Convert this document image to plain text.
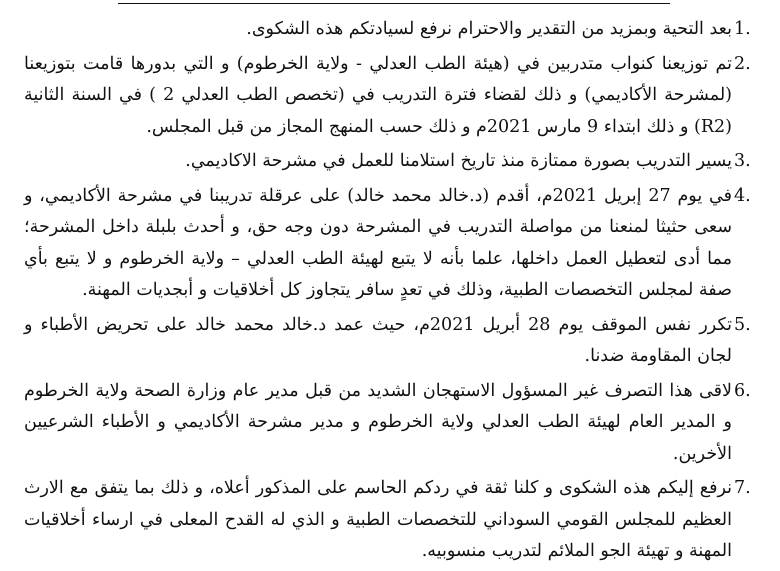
1.
بعد التحية وبمزيد من التقدير والاحترام نرفع لسيادتكم هذه الشكوى.
2.
تم توزيعنا كنواب متدربين في (هيئة الطب العدلي - ولاية الخرطوم) و التي بدورها قامت بتوزيعنا (لمشرحة الأكاديمي) و ذلك لقضاء فترة التدريب في (تخصص الطب العدلي 2 ) في السنة الثانية (R2) و ذلك ابتداء 9 مارس 2021م و ذلك حسب المنهج المجاز من قبل المجلس.
3.
يسير التدريب بصورة ممتازة منذ تاريخ استلامنا للعمل في مشرحة الاكاديمي.
4.
في يوم 27 إبريل 2021م، أقدم (د.خالد محمد خالد) على عرقلة تدريبنا في مشرحة الأكاديمي، و سعى حثيثا لمنعنا من مواصلة التدريب في المشرحة دون وجه حق، و أحدث بلبلة داخل المشرحة؛ مما أدى لتعطيل العمل داخلها، علما بأنه لا يتبع لهيئة الطب العدلي – ولاية الخرطوم و لا يتبع بأي صفة لمجلس التخصصات الطبية، وذلك في تعدٍ سافر يتجاوز كل أخلاقيات و أبجديات المهنة.
5.
تكرر نفس الموقف يوم 28 أبريل 2021م، حيث عمد د.خالد محمد خالد على تحريض الأطباء و لجان المقاومة ضدنا.
6.
لاقى هذا التصرف غير المسؤول الاستهجان الشديد من قبل مدير عام وزارة الصحة ولاية الخرطوم و المدير العام لهيئة الطب العدلي ولاية الخرطوم و مدير مشرحة الأكاديمي و الأطباء الشرعيين الأخرين.
7.
نرفع إليكم هذه الشكوى و كلنا ثقة في ردكم الحاسم على المذكور أعلاه، و ذلك بما يتفق مع الارث العظيم للمجلس القومي السوداني للتخصصات الطبية و الذي له القدح المعلى في ارساء أخلاقيات المهنة و تهيئة الجو الملائم لتدريب منسوبيه.
